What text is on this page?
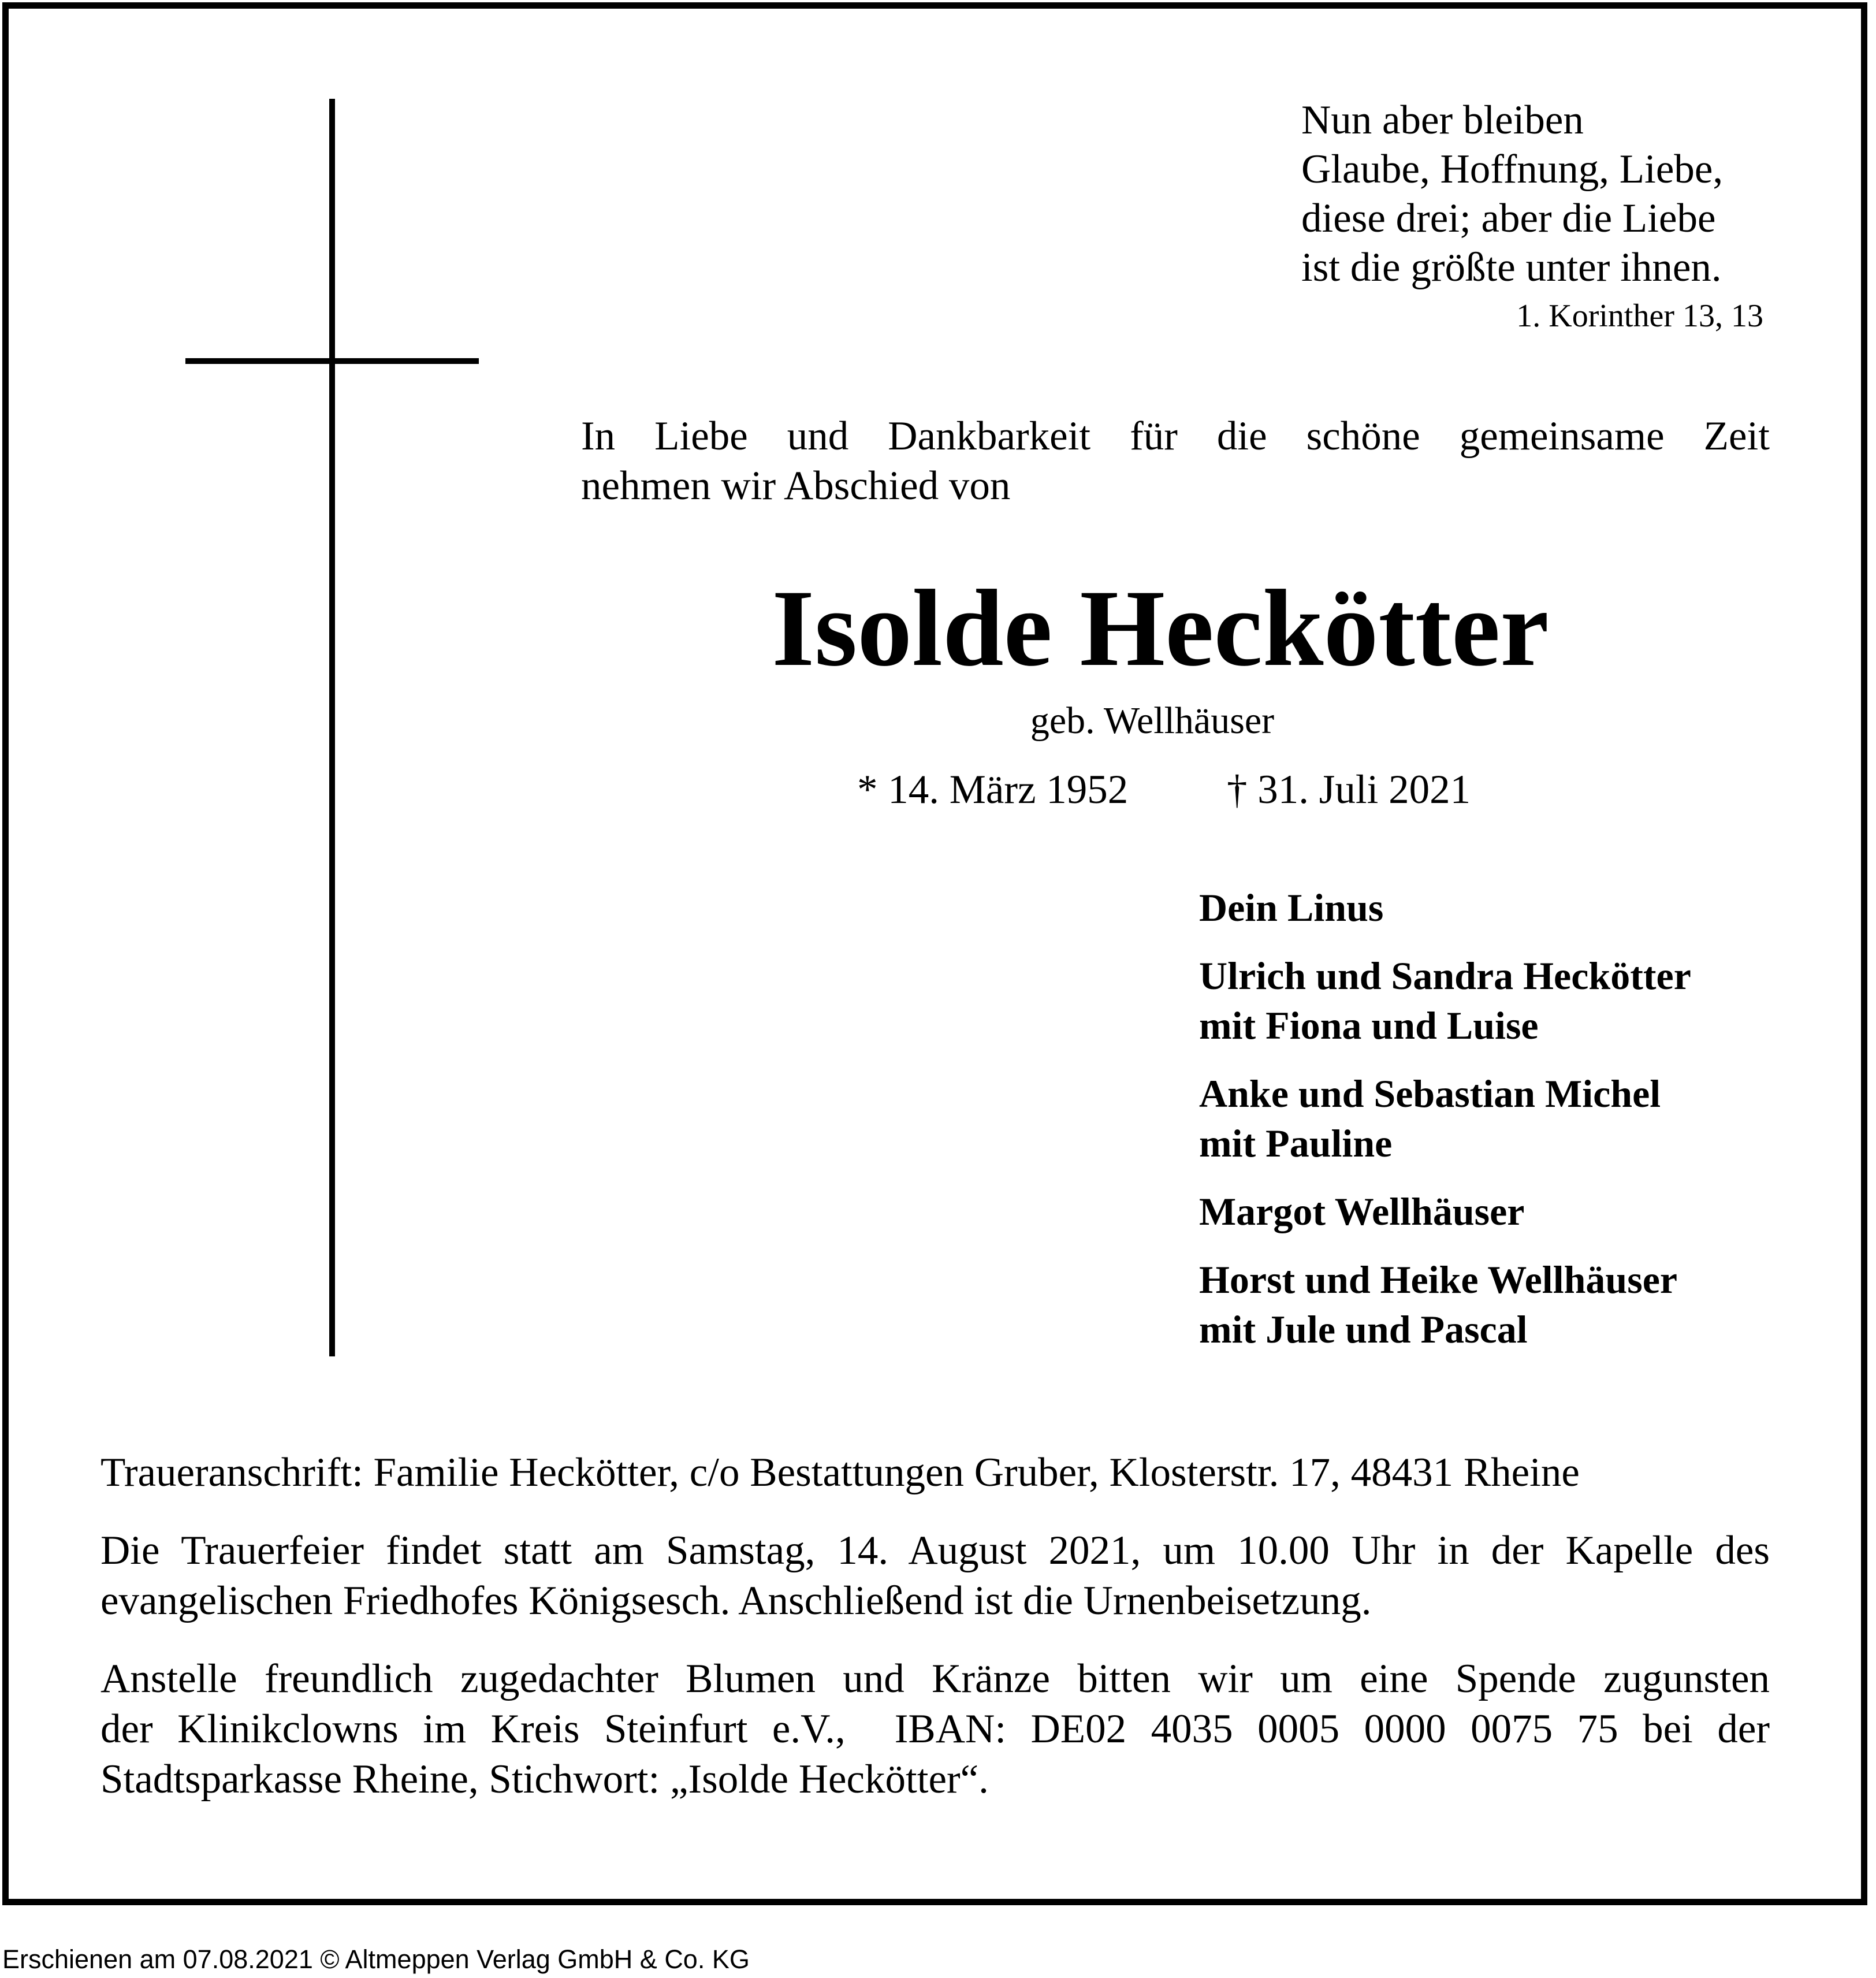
Nun aber bleiben
Glaube, Hoffnung, Liebe,
diese drei; aber die Liebe
ist die größte unter ihnen.
1. Korinther 13, 13
In Liebe und Dankbarkeit für die schöne gemeinsame Zeit
nehmen wir Abschied von
Isolde Heckötter
geb. Wellhäuser
* 14. März 1952 † 31. Juli 2021
Dein Linus
Ulrich und Sandra Heckötter
mit Fiona und Luise
Anke und Sebastian Michel
mit Pauline
Margot Wellhäuser
Horst und Heike Wellhäuser
mit Jule und Pascal

Traueranschrift: Familie Heckötter, c/o Bestattungen Gruber, Klosterstr. 17, 48431 Rheine

Die Trauerfeier findet statt am Samstag, 14. August 2021, um 10.00 Uhr in der Kapelle des
evangelischen Friedhofes Königsesch. Anschließend ist die Urnenbeisetzung.

Anstelle freundlich zugedachter Blumen und Kränze bitten wir um eine Spende zugunsten
der Klinikclowns im Kreis Steinfurt e.V.,  IBAN: DE02 4035 0005 0000 0075 75 bei der
Stadtsparkasse Rheine, Stichwort: „Isolde Heckötter“.

Erschienen am 07.08.2021 © Altmeppen Verlag GmbH & Co. KG
